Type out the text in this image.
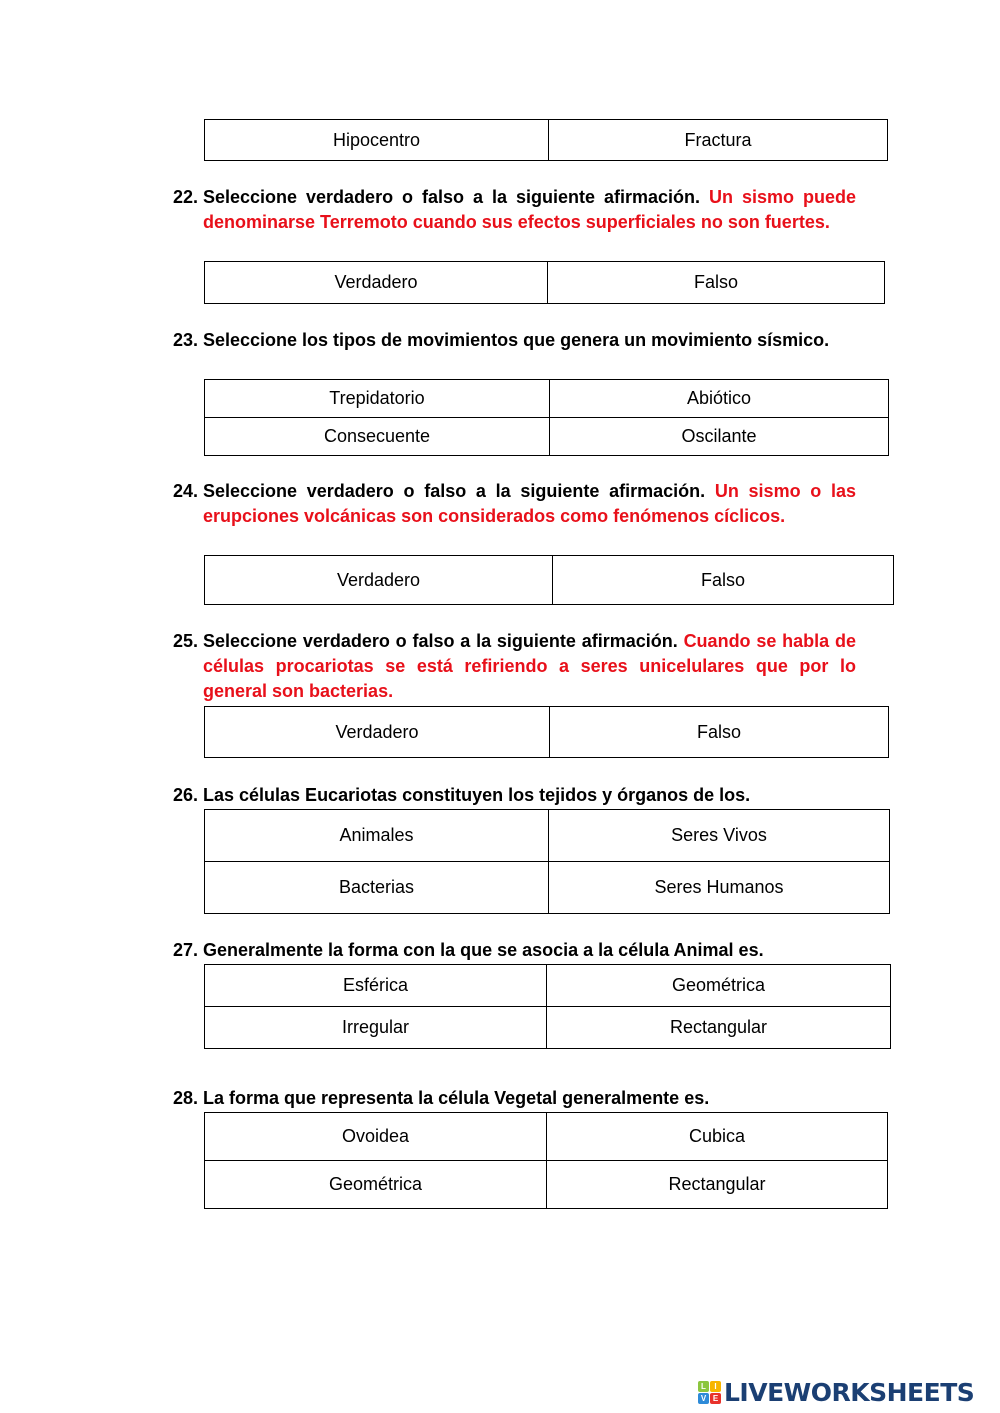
Hipocentro	Fractura
22. Seleccione verdadero o falso a la siguiente afirmación. Un sismo puede denominarse Terremoto cuando sus efectos superficiales no son fuertes.
Verdadero	Falso
23. Seleccione los tipos de movimientos que genera un movimiento sísmico.
Trepidatorio	Abiótico
Consecuente	Oscilante
24. Seleccione verdadero o falso a la siguiente afirmación. Un sismo o las erupciones volcánicas son considerados como fenómenos cíclicos.
Verdadero	Falso
25. Seleccione verdadero o falso a la siguiente afirmación. Cuando se habla de células procariotas se está refiriendo a seres unicelulares que por lo general son bacterias.
Verdadero	Falso
26. Las células Eucariotas constituyen los tejidos y órganos de los.
Animales	Seres Vivos
Bacterias	Seres Humanos
27. Generalmente la forma con la que se asocia a la célula Animal es.
Esférica	Geométrica
Irregular	Rectangular
28. La forma que representa la célula Vegetal generalmente es.
Ovoidea	Cubica
Geométrica	Rectangular
L	I
V E LIVEWORKSHEETS
